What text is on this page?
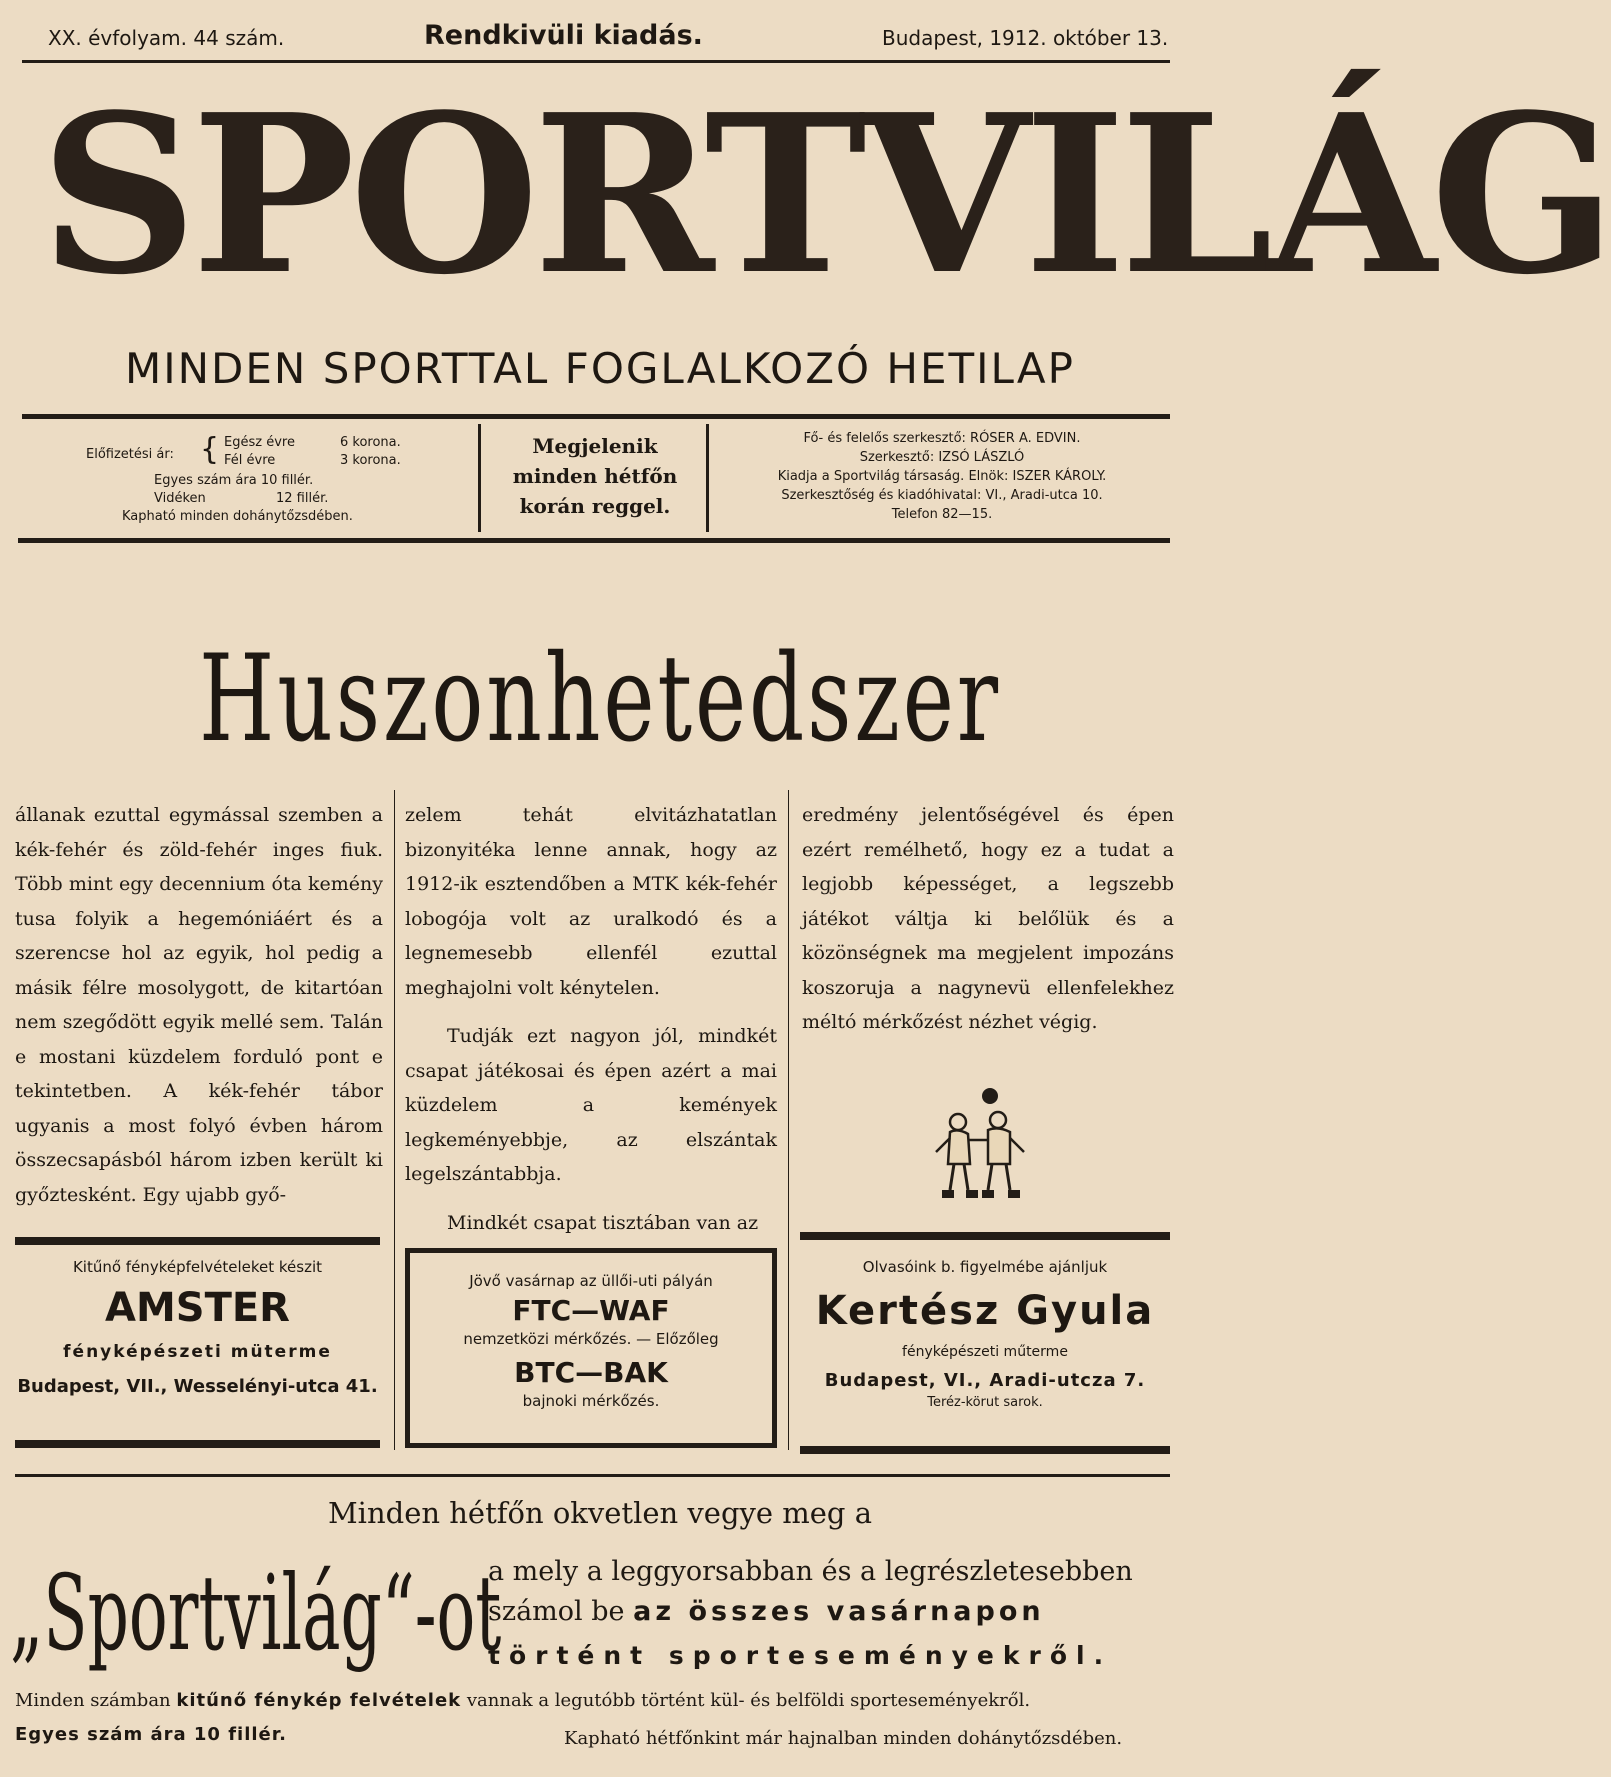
XX. évfolyam. 44 szám.	Rendkivüli kiadás.	Budapest, 1912. október 13.
SPORTVILÁG
MINDEN SPORTTAL FOGLALKOZÓ HETILAP
Előfizetési ár: { Egész évre	6 korona.
Fél évre	3 korona.
Egyes szám ára 10 fillér.
Vidéken	12 fillér.
Kapható minden dohánytőzsdében.
Megjelenik
minden hétfőn
korán reggel.
Fő- és felelős szerkesztő: RÓSER A. EDVIN.
Szerkesztő: IZSÓ LÁSZLÓ
Kiadja a Sportvilág társaság. Elnök: ISZER KÁROLY.
Szerkesztőség és kiadóhivatal: VI., Aradi-utca 10.
Telefon 82—15.
Huszonhetedszer

állanak ezuttal egymással szemben a kék-fehér és zöld-fehér inges fiuk. Több mint egy decennium óta kemény tusa folyik a hegemóniáért és a szerencse hol az egyik, hol pedig a másik félre mosolygott, de kitartóan nem szegődött egyik mellé sem. Talán e mostani küzdelem forduló pont e tekintetben. A kék-fehér tábor ugyanis a most folyó évben három összecsapásból három izben került ki győztesként. Egy ujabb győ-

zelem tehát elvitázhatatlan bizonyitéka lenne annak, hogy az 1912-ik esztendőben a MTK kék-fehér lobogója volt az uralkodó és a legnemesebb ellenfél ezuttal meghajolni volt kénytelen.

Tudják ezt nagyon jól, mindkét csapat játékosai és épen azért a mai küzdelem a kemények legkeményebbje, az elszántak legelszántabbja.

Mindkét csapat tisztában van az

eredmény jelentőségével és épen ezért remélhető, hogy ez a tudat a legjobb képességet, a legszebb játékot váltja ki belőlük és a közönségnek ma megjelent impozáns koszoruja a nagynevü ellenfelekhez méltó mérkőzést nézhet végig.

Kitűnő fényképfelvételeket készit
AMSTER
fényképészeti müterme
Budapest, VII., Wesselényi-utca 41.
Jövő vasárnap az üllői-uti pályán
FTC—WAF
nemzetközi mérkőzés. — Előzőleg
BTC—BAK
bajnoki mérkőzés.
Olvasóink b. figyelmébe ajánljuk
Kertész Gyula
fényképészeti műterme
Budapest, VI., Aradi-utcza 7.
Teréz-körut sarok.
Minden hétfőn okvetlen vegye meg a
„Sportvilág“-ot
a mely a leggyorsabban és a legrészletesebben számol be az összes vasárnapon
történt sporteseményekről.
Minden számban kitűnő fénykép felvételek vannak a legutóbb történt kül- és belföldi sporteseményekről.
Egyes szám ára 10 fillér.	Kapható hétfőnkint már hajnalban minden dohánytőzsdében.
